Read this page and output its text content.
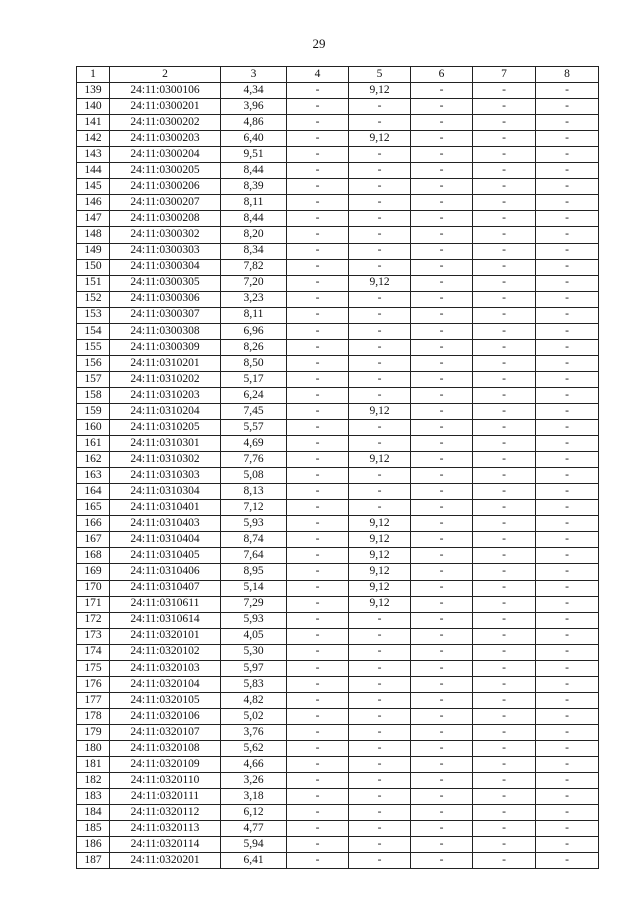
29
1	2	3	4	5	6	7	8
139	24:11:0300106	4,34	-	9,12	-	-	-
140	24:11:0300201	3,96	-	-	-	-	-
141	24:11:0300202	4,86	-	-	-	-	-
142	24:11:0300203	6,40	-	9,12	-	-	-
143	24:11:0300204	9,51	-	-	-	-	-
144	24:11:0300205	8,44	-	-	-	-	-
145	24:11:0300206	8,39	-	-	-	-	-
146	24:11:0300207	8,11	-	-	-	-	-
147	24:11:0300208	8,44	-	-	-	-	-
148	24:11:0300302	8,20	-	-	-	-	-
149	24:11:0300303	8,34	-	-	-	-	-
150	24:11:0300304	7,82	-	-	-	-	-
151	24:11:0300305	7,20	-	9,12	-	-	-
152	24:11:0300306	3,23	-	-	-	-	-
153	24:11:0300307	8,11	-	-	-	-	-
154	24:11:0300308	6,96	-	-	-	-	-
155	24:11:0300309	8,26	-	-	-	-	-
156	24:11:0310201	8,50	-	-	-	-	-
157	24:11:0310202	5,17	-	-	-	-	-
158	24:11:0310203	6,24	-	-	-	-	-
159	24:11:0310204	7,45	-	9,12	-	-	-
160	24:11:0310205	5,57	-	-	-	-	-
161	24:11:0310301	4,69	-	-	-	-	-
162	24:11:0310302	7,76	-	9,12	-	-	-
163	24:11:0310303	5,08	-	-	-	-	-
164	24:11:0310304	8,13	-	-	-	-	-
165	24:11:0310401	7,12	-	-	-	-	-
166	24:11:0310403	5,93	-	9,12	-	-	-
167	24:11:0310404	8,74	-	9,12	-	-	-
168	24:11:0310405	7,64	-	9,12	-	-	-
169	24:11:0310406	8,95	-	9,12	-	-	-
170	24:11:0310407	5,14	-	9,12	-	-	-
171	24:11:0310611	7,29	-	9,12	-	-	-
172	24:11:0310614	5,93	-	-	-	-	-
173	24:11:0320101	4,05	-	-	-	-	-
174	24:11:0320102	5,30	-	-	-	-	-
175	24:11:0320103	5,97	-	-	-	-	-
176	24:11:0320104	5,83	-	-	-	-	-
177	24:11:0320105	4,82	-	-	-	-	-
178	24:11:0320106	5,02	-	-	-	-	-
179	24:11:0320107	3,76	-	-	-	-	-
180	24:11:0320108	5,62	-	-	-	-	-
181	24:11:0320109	4,66	-	-	-	-	-
182	24:11:0320110	3,26	-	-	-	-	-
183	24:11:0320111	3,18	-	-	-	-	-
184	24:11:0320112	6,12	-	-	-	-	-
185	24:11:0320113	4,77	-	-	-	-	-
186	24:11:0320114	5,94	-	-	-	-	-
187	24:11:0320201	6,41	-	-	-	-	-
